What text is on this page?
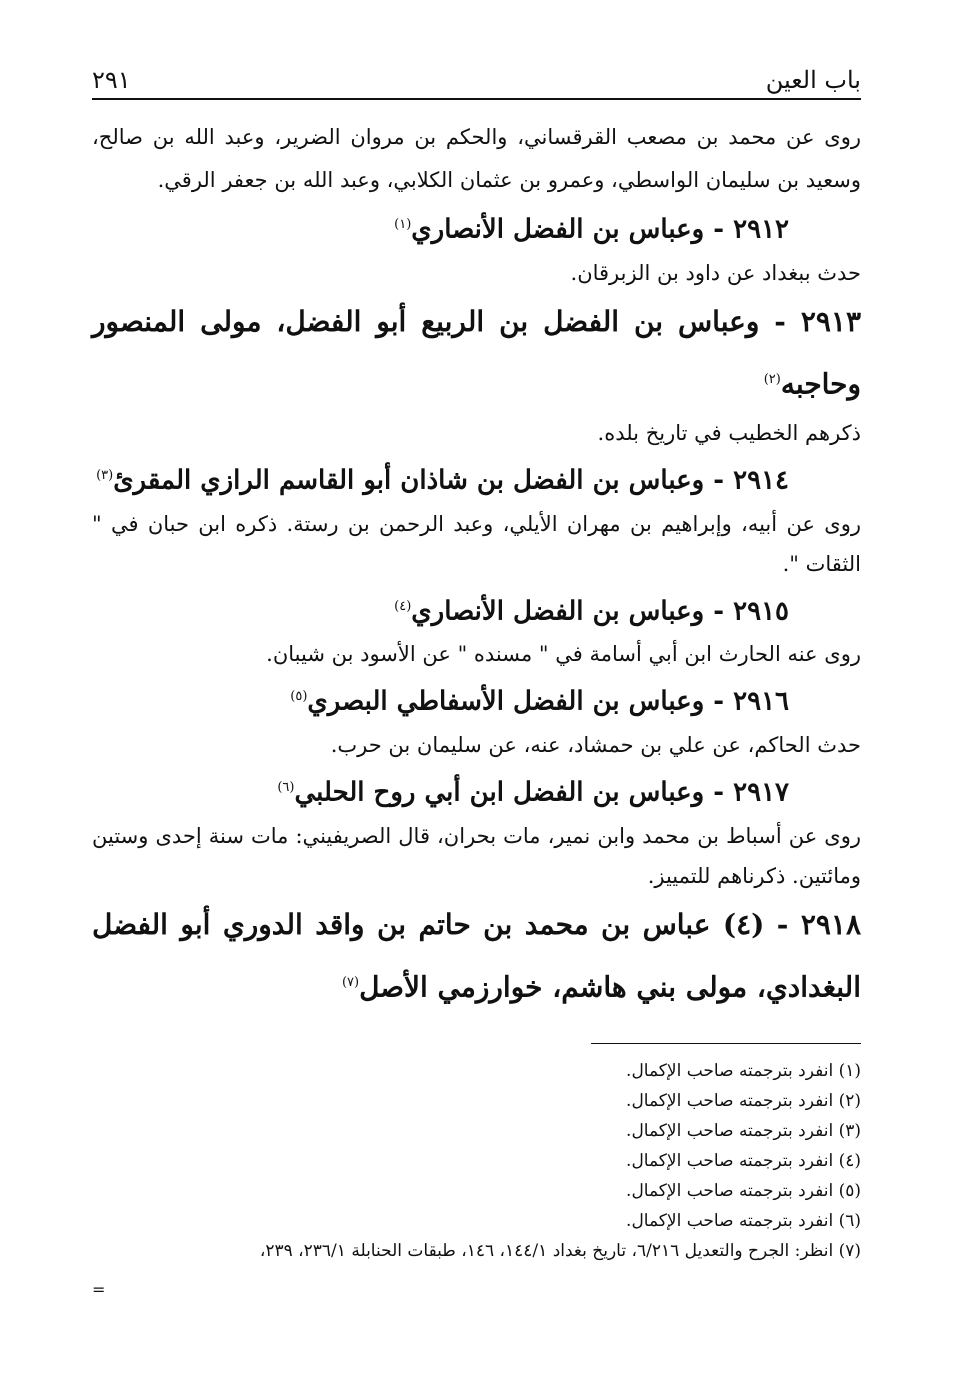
باب العين
٢٩١

روى عن محمد بن مصعب القرقساني، والحكم بن مروان الضرير، وعبد الله بن صالح، وسعيد بن سليمان الواسطي، وعمرو بن عثمان الكلابي، وعبد الله بن جعفر الرقي.

٢٩١٢ - وعباس بن الفضل الأنصاري$^{(١)}$

حدث ببغداد عن داود بن الزبرقان.

٢٩١٣ - وعباس بن الفضل بن الربيع أبو الفضل، مولى المنصور وحاجبه$^{(٢)}$

ذكرهم الخطيب في تاريخ بلده.

٢٩١٤ - وعباس بن الفضل بن شاذان أبو القاسم الرازي المقرئ$^{(٣)}$

روى عن أبيه، وإبراهيم بن مهران الأيلي، وعبد الرحمن بن رستة. ذكره ابن حبان في " الثقات ".

٢٩١٥ - وعباس بن الفضل الأنصاري$^{(٤)}$

روى عنه الحارث ابن أبي أسامة في " مسنده " عن الأسود بن شيبان.

٢٩١٦ - وعباس بن الفضل الأسفاطي البصري$^{(٥)}$

حدث الحاكم، عن علي بن حمشاد، عنه، عن سليمان بن حرب.

٢٩١٧ - وعباس بن الفضل ابن أبي روح الحلبي$^{(٦)}$

روى عن أسباط بن محمد وابن نمير، مات بحران، قال الصريفيني: مات سنة إحدى وستين ومائتين. ذكرناهم للتمييز.

٢٩١٨ - (٤) عباس بن محمد بن حاتم بن واقد الدوري أبو الفضل البغدادي، مولى بني هاشم، خوارزمي الأصل$^{(٧)}$

(١) انفرد بترجمته صاحب الإكمال.

(٢) انفرد بترجمته صاحب الإكمال.

(٣) انفرد بترجمته صاحب الإكمال.

(٤) انفرد بترجمته صاحب الإكمال.

(٥) انفرد بترجمته صاحب الإكمال.

(٦) انفرد بترجمته صاحب الإكمال.

(٧) انظر: الجرح والتعديل ٦/٢١٦، تاريخ بغداد ١٤٤/١، ١٤٦، طبقات الحنابلة ٢٣٦/١، ٢٣٩،

=
